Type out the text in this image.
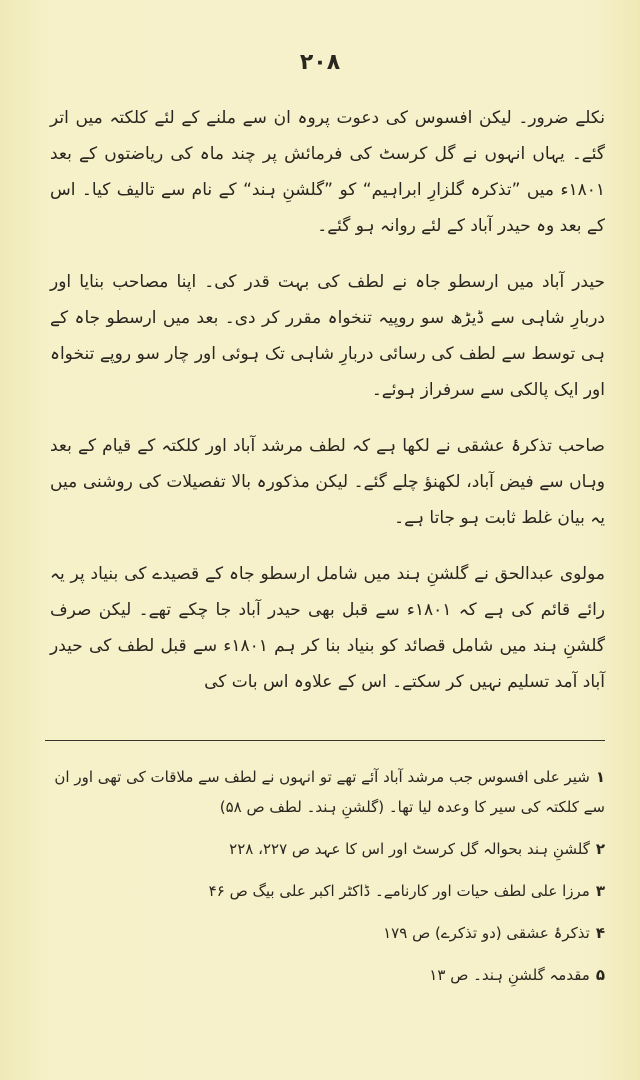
۲۰۸

نکلے ضرور۔ لیکن افسوس کی دعوت پروہ ان سے ملنے کے لئے کلکتہ میں اتر گئے۔ یہاں انہوں نے گل کرسٹ کی فرمائش پر چند ماہ کی ریاضتوں کے بعد ۱۸۰۱ء میں ”تذکرہ گلزارِ ابراہیم“ کو ”گلشنِ ہند“ کے نام سے تالیف کیا۔ اس کے بعد وہ حیدر آباد کے لئے روانہ ہو گئے۔

حیدر آباد میں ارسطو جاہ نے لطف کی بہت قدر کی۔ اپنا مصاحب بنایا اور دربارِ شاہی سے ڈیڑھ سو روپیہ تنخواہ مقرر کر دی۔ بعد میں ارسطو جاہ کے ہی توسط سے لطف کی رسائی دربارِ شاہی تک ہوئی اور چار سو روپے تنخواہ اور ایک پالکی سے سرفراز ہوئے۔

صاحب تذکرۂ عشقی نے لکھا ہے کہ لطف مرشد آباد اور کلکتہ کے قیام کے بعد وہاں سے فیض آباد، لکھنؤ چلے گئے۔ لیکن مذکورہ بالا تفصیلات کی روشنی میں یہ بیان غلط ثابت ہو جاتا ہے۔

مولوی عبدالحق نے گلشنِ ہند میں شامل ارسطو جاہ کے قصیدے کی بنیاد پر یہ رائے قائم کی ہے کہ ۱۸۰۱ء سے قبل بھی حیدر آباد جا چکے تھے۔ لیکن صرف گلشنِ ہند میں شامل قصائد کو بنیاد بنا کر ہم ۱۸۰۱ء سے قبل لطف کی حیدر آباد آمد تسلیم نہیں کر سکتے۔ اس کے علاوہ اس بات کی

۱شیر علی افسوس جب مرشد آباد آئے تھے تو انہوں نے لطف سے ملاقات کی تھی اور ان سے کلکتہ کی سیر کا وعدہ لیا تھا۔ (گلشنِ ہند۔ لطف ص ۵۸)
۲گلشنِ ہند بحوالہ گل کرسٹ اور اس کا عہد ص ۲۲۷، ۲۲۸
۳مرزا علی لطف حیات اور کارنامے۔ ڈاکٹر اکبر علی بیگ ص ۴۶
۴تذکرۂ عشقی (دو تذکرے) ص ۱۷۹
۵مقدمہ گلشنِ ہند۔ ص ۱۳
